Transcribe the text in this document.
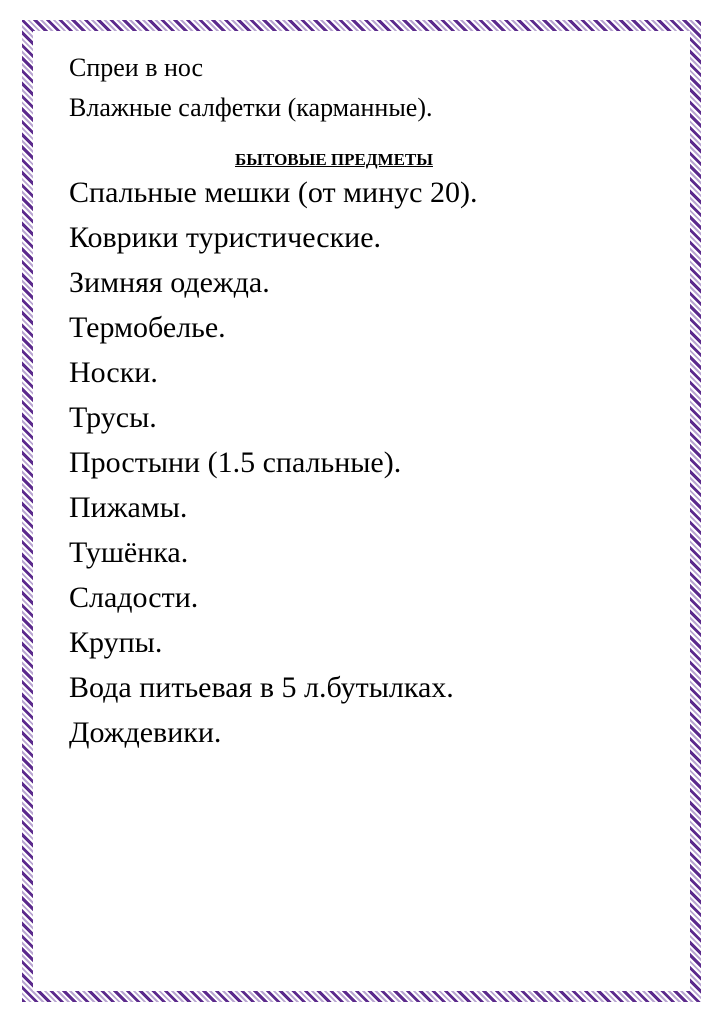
Спреи в нос

Влажные салфетки (карманные).

БЫТОВЫЕ ПРЕДМЕТЫ
Спальные мешки (от минус 20).
Коврики туристические.
Зимняя одежда.
Термобелье.
Носки.
Трусы.
Простыни (1.5 спальные).
Пижамы.
Тушёнка.
Сладости.
Крупы.
Вода питьевая в 5 л.бутылках.
Дождевики.
